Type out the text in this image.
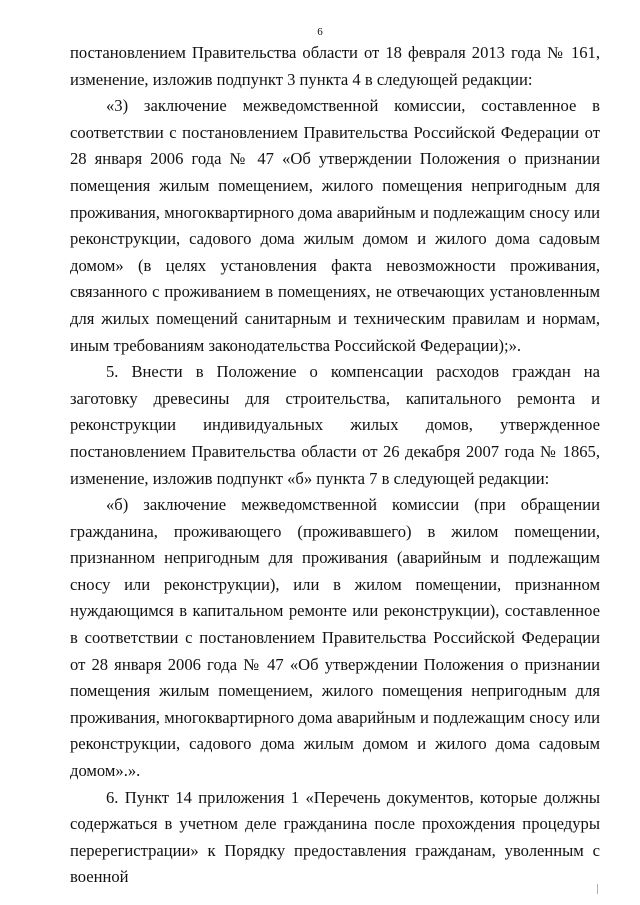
6

постановлением Правительства области от 18 февраля 2013 года № 161, изменение, изложив подпункт 3 пункта 4 в следующей редакции:

«3) заключение межведомственной комиссии, составленное в соответствии с постановлением Правительства Российской Федерации от 28 января 2006 года № 47 «Об утверждении Положения о признании помещения жилым помещением, жилого помещения непригодным для проживания, многоквартирного дома аварийным и подлежащим сносу или реконструкции, садового дома жилым домом и жилого дома садовым домом» (в целях установления факта невозможности проживания, связанного с проживанием в помещениях, не отвечающих установленным для жилых помещений санитарным и техническим правилам и нормам, иным требованиям законодательства Российской Федерации);».

5. Внести в Положение о компенсации расходов граждан на заготовку древесины для строительства, капитального ремонта и реконструкции индивидуальных жилых домов, утвержденное постановлением Правительства области от 26 декабря 2007 года № 1865, изменение, изложив подпункт «б» пункта 7 в следующей редакции:

«б) заключение межведомственной комиссии (при обращении гражданина, проживающего (проживавшего) в жилом помещении, признанном непригодным для проживания (аварийным и подлежащим сносу или реконструкции), или в жилом помещении, признанном нуждающимся в капитальном ремонте или реконструкции), составленное в соответствии с постановлением Правительства Российской Федерации от 28 января 2006 года № 47 «Об утверждении Положения о признании помещения жилым помещением, жилого помещения непригодным для проживания, многоквартирного дома аварийным и подлежащим сносу или реконструкции, садового дома жилым домом и жилого дома садовым домом».».

6. Пункт 14 приложения 1 «Перечень документов, которые должны содержаться в учетном деле гражданина после прохождения процедуры перерегистрации» к Порядку предоставления гражданам, уволенным с военной
